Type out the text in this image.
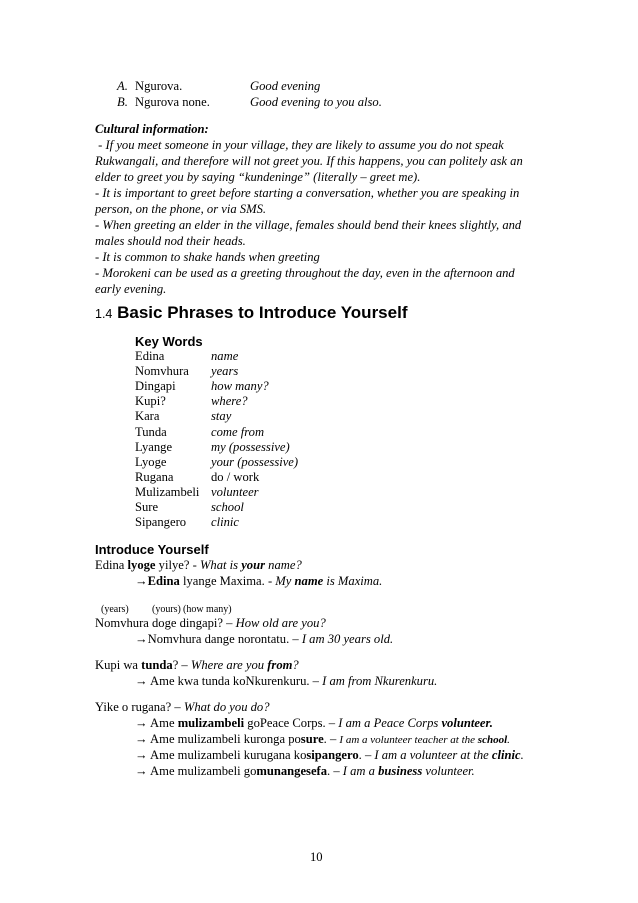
A. Ngurova.	Good evening
B. Ngurova none.	Good evening to you also.
Cultural information:
- If you meet someone in your village, they are likely to assume you do not speak
Rukwangali, and therefore will not greet you. If this happens, you can politely ask an
elder to greet you by saying “kundeninge” (literally – greet me).
- It is important to greet before starting a conversation, whether you are speaking in
person, on the phone, or via SMS.
- When greeting an elder in the village, females should bend their knees slightly, and
males should nod their heads.
- It is common to shake hands when greeting
- Morokeni can be used as a greeting throughout the day, even in the afternoon and
early evening.
1.4 Basic Phrases to Introduce Yourself
Key Words
Edina	name
Nomvhura years
Dingapi	how many?
Kupi?	where?
Kara	stay
Tunda	come from
Lyange	my (possessive)
Lyoge	your (possessive)
Rugana	do / work
Mulizambeli volunteer
Sure	school
Sipangero clinic
Introduce Yourself
Edina lyoge yilye? - What is your name?
→Edina lyange Maxima. - My name is Maxima.
(years) (yours) (how many)
Nomvhura doge dingapi? – How old are you?
→Nomvhura dange norontatu. – I am 30 years old.
Kupi wa tunda? – Where are you from?
→ Ame kwa tunda koNkurenkuru. – I am from Nkurenkuru.
Yike o rugana? – What do you do?
→ Ame mulizambeli goPeace Corps. – I am a Peace Corps volunteer.
→ Ame mulizambeli kuronga posure. – I am a volunteer teacher at the school.
→ Ame mulizambeli kurugana kosipangero. – I am a volunteer at the clinic.
→ Ame mulizambeli gomunangesefa. – I am a business volunteer.
10
